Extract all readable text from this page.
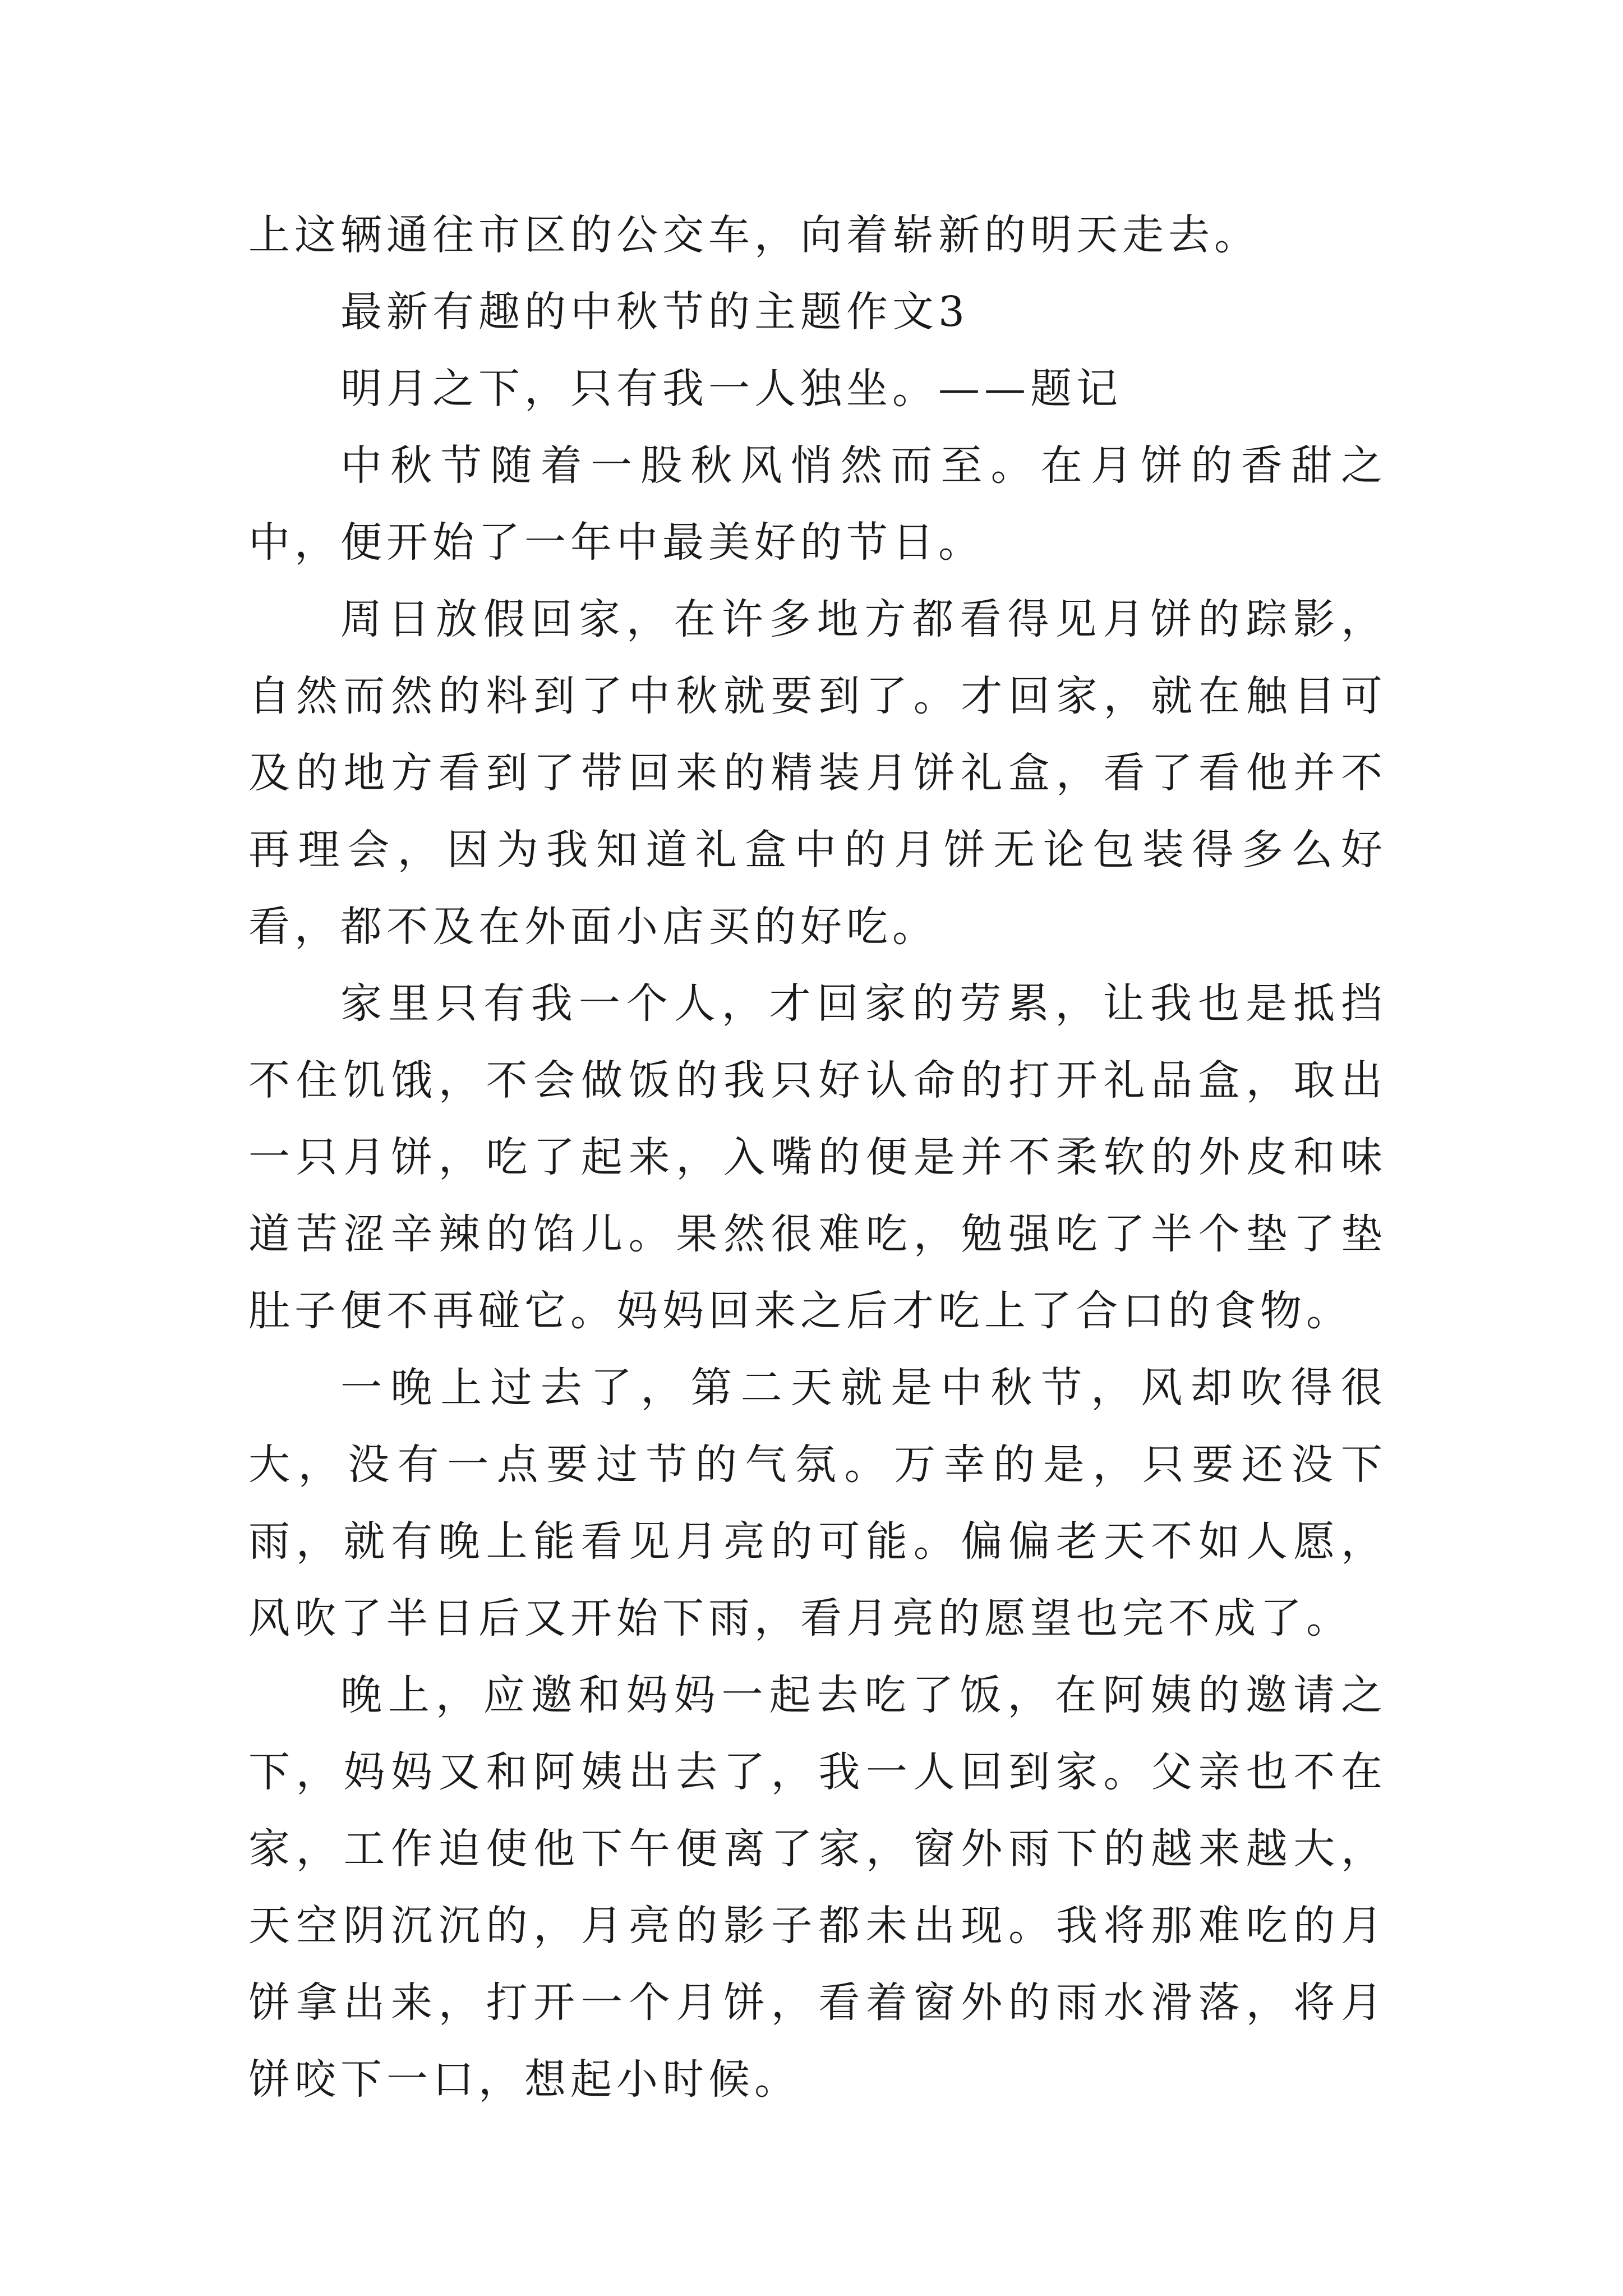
上这辆通往市区的公交车，向着崭新的明天走去。

最新有趣的中秋节的主题作文3

明月之下，只有我一人独坐。——题记

中秋节随着一股秋风悄然而至。在月饼的香甜之中，便开始了一年中最美好的节日。

周日放假回家，在许多地方都看得见月饼的踪影，自然而然的料到了中秋就要到了。才回家，就在触目可及的地方看到了带回来的精装月饼礼盒，看了看他并不再理会，因为我知道礼盒中的月饼无论包装得多么好看，都不及在外面小店买的好吃。

家里只有我一个人，才回家的劳累，让我也是抵挡不住饥饿，不会做饭的我只好认命的打开礼品盒，取出一只月饼，吃了起来，入嘴的便是并不柔软的外皮和味道苦涩辛辣的馅儿。果然很难吃，勉强吃了半个垫了垫肚子便不再碰它。妈妈回来之后才吃上了合口的食物。

一晚上过去了，第二天就是中秋节，风却吹得很大，没有一点要过节的气氛。万幸的是，只要还没下雨，就有晚上能看见月亮的可能。偏偏老天不如人愿，风吹了半日后又开始下雨，看月亮的愿望也完不成了。

晚上，应邀和妈妈一起去吃了饭，在阿姨的邀请之下，妈妈又和阿姨出去了，我一人回到家。父亲也不在家，工作迫使他下午便离了家，窗外雨下的越来越大，天空阴沉沉的，月亮的影子都未出现。我将那难吃的月饼拿出来，打开一个月饼，看着窗外的雨水滑落，将月饼咬下一口，想起小时候。
